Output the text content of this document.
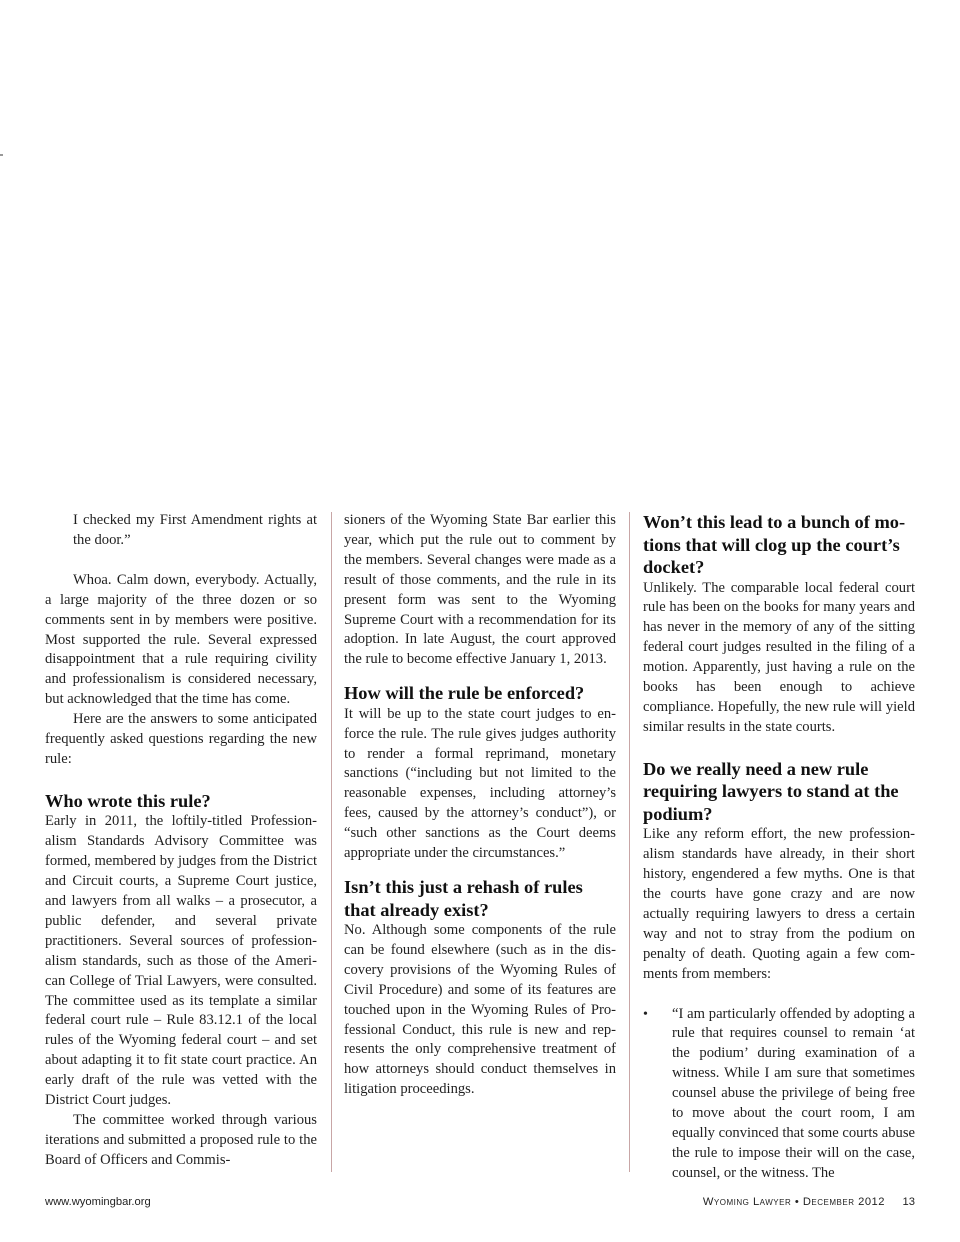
I checked my First Amendment rights at the door.”

Whoa. Calm down, everybody. Actually, a large majority of the three dozen or so comments sent in by members were positive. Most supported the rule. Several expressed disappointment that a rule requiring civility and professionalism is considered necessary, but acknowledged that the time has come.

Here are the answers to some anticipated frequently asked questions regarding the new rule:

Who wrote this rule?

Early in 2011, the loftily-titled Professionalism Standards Advisory Committee was formed, membered by judges from the District and Circuit courts, a Supreme Court justice, and lawyers from all walks – a prosecutor, a public defender, and several private practitioners. Several sources of professionalism standards, such as those of the American College of Trial Lawyers, were consulted. The committee used as its template a similar federal court rule – Rule 83.12.1 of the local rules of the Wyoming federal court – and set about adapting it to fit state court practice. An early draft of the rule was vetted with the District Court judges.

The committee worked through various iterations and submitted a proposed rule to the Board of Officers and Commis-

sioners of the Wyoming State Bar earlier this year, which put the rule out to comment by the members. Several changes were made as a result of those comments, and the rule in its present form was sent to the Wyoming Supreme Court with a recommendation for its adoption. In late August, the court approved the rule to become effective January 1, 2013.

How will the rule be enforced?

It will be up to the state court judges to enforce the rule. The rule gives judges authority to render a formal reprimand, monetary sanctions (“including but not limited to the reasonable expenses, including attorney’s fees, caused by the attorney’s conduct”), or “such other sanctions as the Court deems appropriate under the circumstances.”

Isn’t this just a rehash of rules that already exist?

No. Although some components of the rule can be found elsewhere (such as in the discovery provisions of the Wyoming Rules of Civil Procedure) and some of its features are touched upon in the Wyoming Rules of Professional Conduct, this rule is new and represents the only comprehensive treatment of how attorneys should conduct themselves in litigation proceedings.

Won’t this lead to a bunch of motions that will clog up the court’s docket?

Unlikely. The comparable local federal court rule has been on the books for many years and has never in the memory of any of the sitting federal court judges resulted in the filing of a motion. Apparently, just having a rule on the books has been enough to achieve compliance. Hopefully, the new rule will yield similar results in the state courts.

Do we really need a new rule requiring lawyers to stand at the podium?

Like any reform effort, the new professionalism standards have already, in their short history, engendered a few myths. One is that the courts have gone crazy and are now actually requiring lawyers to dress a certain way and not to stray from the podium on penalty of death. Quoting again a few comments from members:

•	“I am particularly offended by adopting a rule that requires counsel to remain ‘at the podium’ during examination of a witness. While I am sure that sometimes counsel abuse the privilege of being free to move about the court room, I am equally convinced that some courts abuse the rule to impose their will on the case, counsel, or the witness. The
www.wyomingbar.org	Wyoming Lawyer • December 2012 13
